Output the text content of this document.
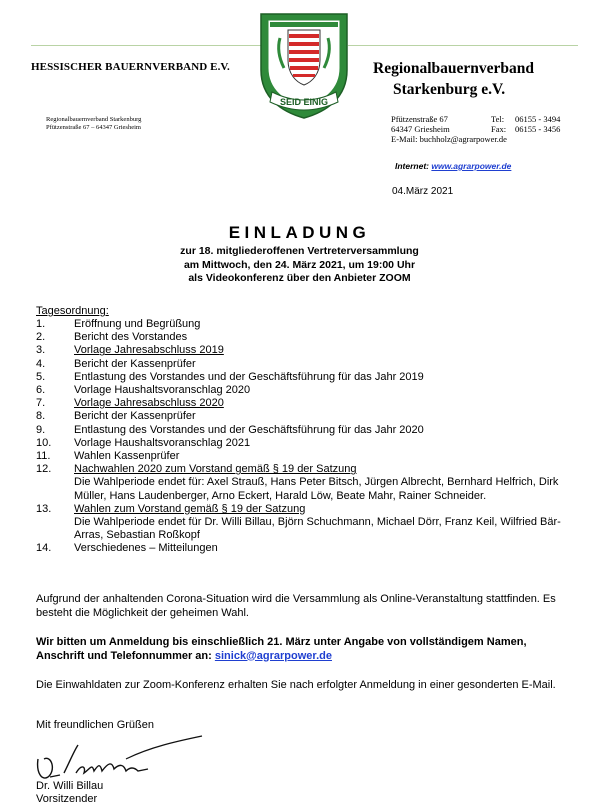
HESSISCHER BAUERNVERBAND E.V.	Regionalbauernverband
Starkenburg e.V.
SEID EINIG
Regionalbauernverband Starkenburg
Pfützenstraße 67 – 64347 Griesheim
Pfützenstraße 67	Tel: 06155 - 3494
64347 Griesheim	Fax: 06155 - 3456
E-Mail: buchholz@agrarpower.de
Internet: www.agrarpower.de
04.März 2021
EINLADUNG
zur 18. mitgliederoffenen Vertreterversammlung
am Mittwoch, den 24. März 2021, um 19:00 Uhr
als Videokonferenz über den Anbieter ZOOM
Tagesordnung:
1.	Eröffnung und Begrüßung
2.	Bericht des Vorstandes
3.	Vorlage Jahresabschluss 2019
4.	Bericht der Kassenprüfer
5.	Entlastung des Vorstandes und der Geschäftsführung für das Jahr 2019
6.	Vorlage Haushaltsvoranschlag 2020
7.	Vorlage Jahresabschluss 2020
8.	Bericht der Kassenprüfer
9.	Entlastung des Vorstandes und der Geschäftsführung für das Jahr 2020
10.	Vorlage Haushaltsvoranschlag 2021
11.	Wahlen Kassenprüfer
12.	Nachwahlen 2020 zum Vorstand gemäß § 19 der Satzung
Die Wahlperiode endet für: Axel Strauß, Hans Peter Bitsch, Jürgen Albrecht, Bernhard Helfrich, Dirk Müller, Hans Laudenberger, Arno Eckert, Harald Löw, Beate Mahr, Rainer Schneider.
13.	Wahlen zum Vorstand gemäß § 19 der Satzung
Die Wahlperiode endet für Dr. Willi Billau, Björn Schuchmann, Michael Dörr, Franz Keil, Wilfried Bär-Arras, Sebastian Roßkopf
14.	Verschiedenes – Mitteilungen
Aufgrund der anhaltenden Corona-Situation wird die Versammlung als Online-Veranstaltung stattfinden. Es besteht die Möglichkeit der geheimen Wahl.
Wir bitten um Anmeldung bis einschließlich 21. März unter Angabe von vollständigem Namen, Anschrift und Telefonnummer an: sinick@agrarpower.de
Die Einwahldaten zur Zoom-Konferenz erhalten Sie nach erfolgter Anmeldung in einer gesonderten E-Mail.
Mit freundlichen Grüßen
Dr. Willi Billau
Vorsitzender
